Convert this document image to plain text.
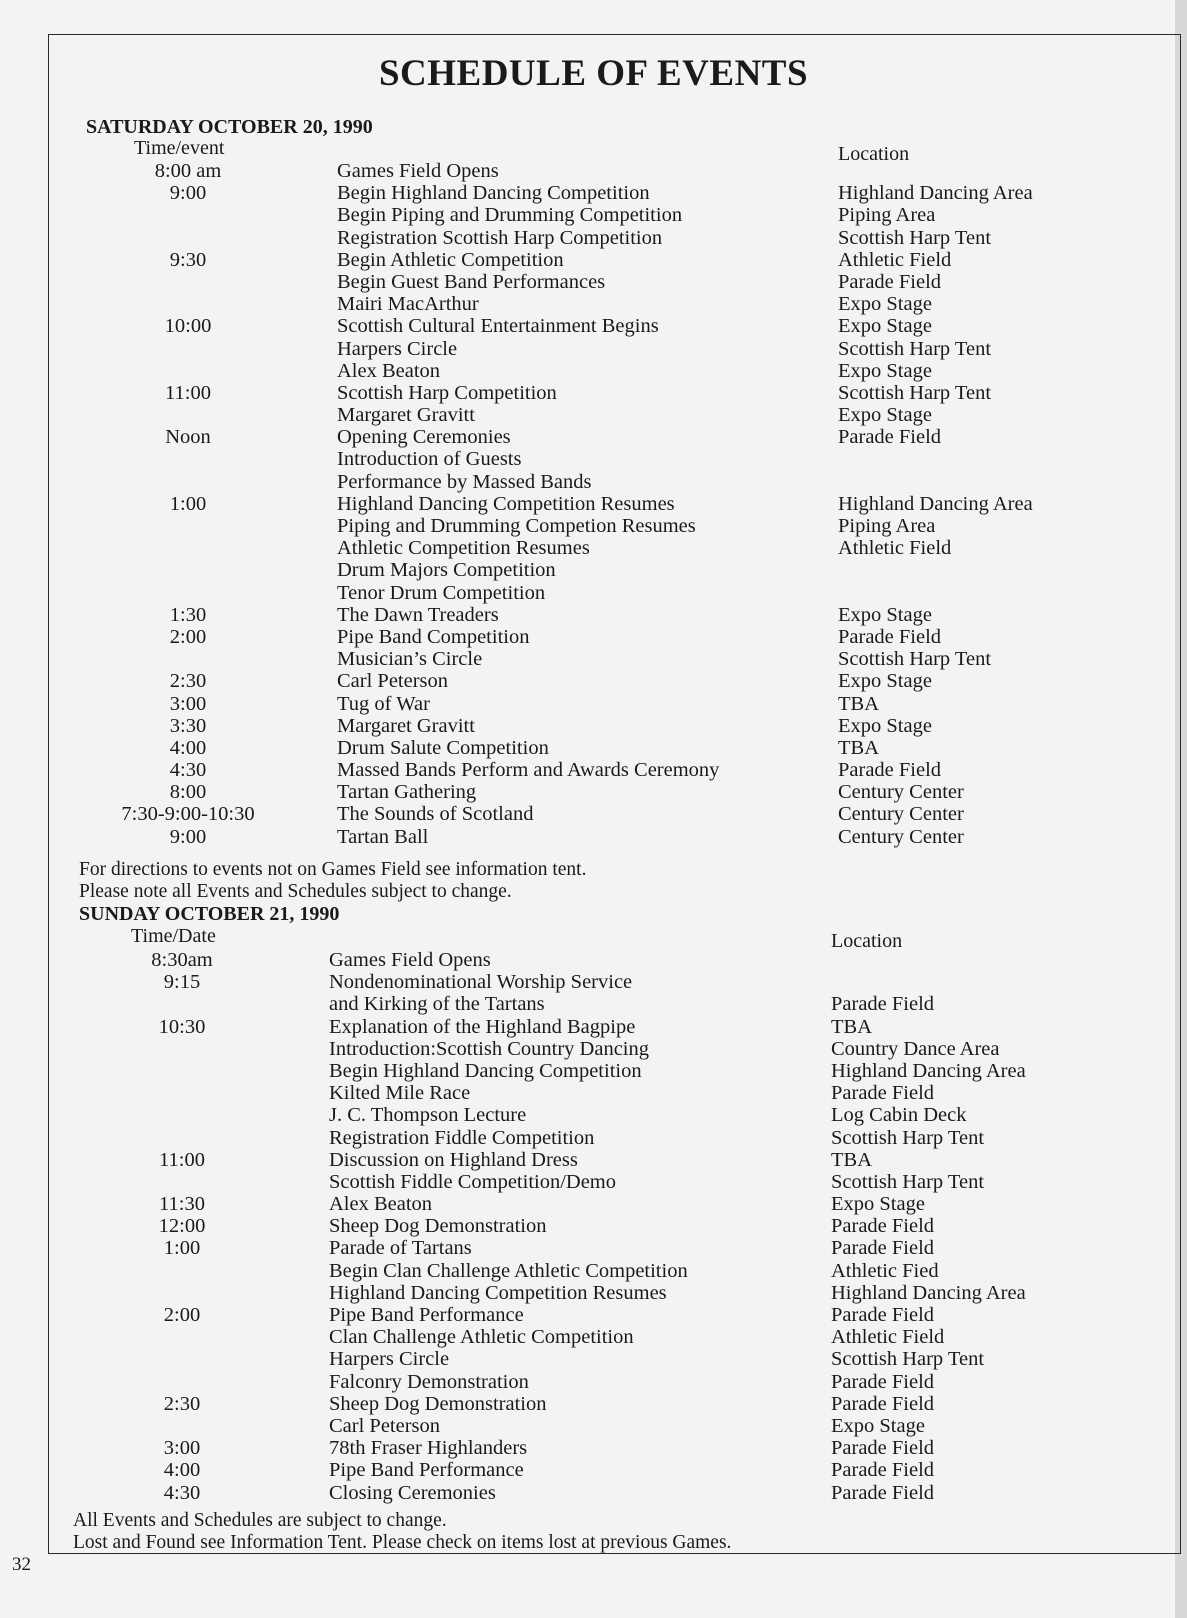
SCHEDULE OF EVENTS
SATURDAY OCTOBER 20, 1990
Time/event	Location
8:00 am	Games Field Opens
9:00	Begin Highland Dancing Competition	Highland Dancing Area
Begin Piping and Drumming Competition	Piping Area
Registration Scottish Harp Competition	Scottish Harp Tent
9:30	Begin Athletic Competition	Athletic Field
Begin Guest Band Performances	Parade Field
Mairi MacArthur	Expo Stage
10:00	Scottish Cultural Entertainment Begins	Expo Stage
Harpers Circle	Scottish Harp Tent
Alex Beaton	Expo Stage
11:00	Scottish Harp Competition	Scottish Harp Tent
Margaret Gravitt	Expo Stage
Noon	Opening Ceremonies	Parade Field
Introduction of Guests
Performance by Massed Bands
1:00	Highland Dancing Competition Resumes	Highland Dancing Area
Piping and Drumming Competion Resumes	Piping Area
Athletic Competition Resumes	Athletic Field
Drum Majors Competition
Tenor Drum Competition
1:30	The Dawn Treaders	Expo Stage
2:00	Pipe Band Competition	Parade Field
Musician’s Circle	Scottish Harp Tent
2:30	Carl Peterson	Expo Stage
3:00	Tug of War	TBA
3:30	Margaret Gravitt	Expo Stage
4:00	Drum Salute Competition	TBA
4:30	Massed Bands Perform and Awards Ceremony	Parade Field
8:00	Tartan Gathering	Century Center
7:30-9:00-10:30	The Sounds of Scotland	Century Center
9:00	Tartan Ball	Century Center
For directions to events not on Games Field see information tent.
Please note all Events and Schedules subject to change.
SUNDAY OCTOBER 21, 1990
Time/Date	Location
8:30am	Games Field Opens
9:15	Nondenominational Worship Service
and Kirking of the Tartans	Parade Field
10:30	Explanation of the Highland Bagpipe	TBA
Introduction:Scottish Country Dancing	Country Dance Area
Begin Highland Dancing Competition	Highland Dancing Area
Kilted Mile Race	Parade Field
J. C. Thompson Lecture	Log Cabin Deck
Registration Fiddle Competition	Scottish Harp Tent
11:00	Discussion on Highland Dress	TBA
Scottish Fiddle Competition/Demo	Scottish Harp Tent
11:30	Alex Beaton	Expo Stage
12:00	Sheep Dog Demonstration	Parade Field
1:00	Parade of Tartans	Parade Field
Begin Clan Challenge Athletic Competition	Athletic Fied
Highland Dancing Competition Resumes	Highland Dancing Area
2:00	Pipe Band Performance	Parade Field
Clan Challenge Athletic Competition	Athletic Field
Harpers Circle	Scottish Harp Tent
Falconry Demonstration	Parade Field
2:30	Sheep Dog Demonstration	Parade Field
Carl Peterson	Expo Stage
3:00	78th Fraser Highlanders	Parade Field
4:00	Pipe Band Performance	Parade Field
4:30	Closing Ceremonies	Parade Field
All Events and Schedules are subject to change.
Lost and Found see Information Tent. Please check on items lost at previous Games.
32
